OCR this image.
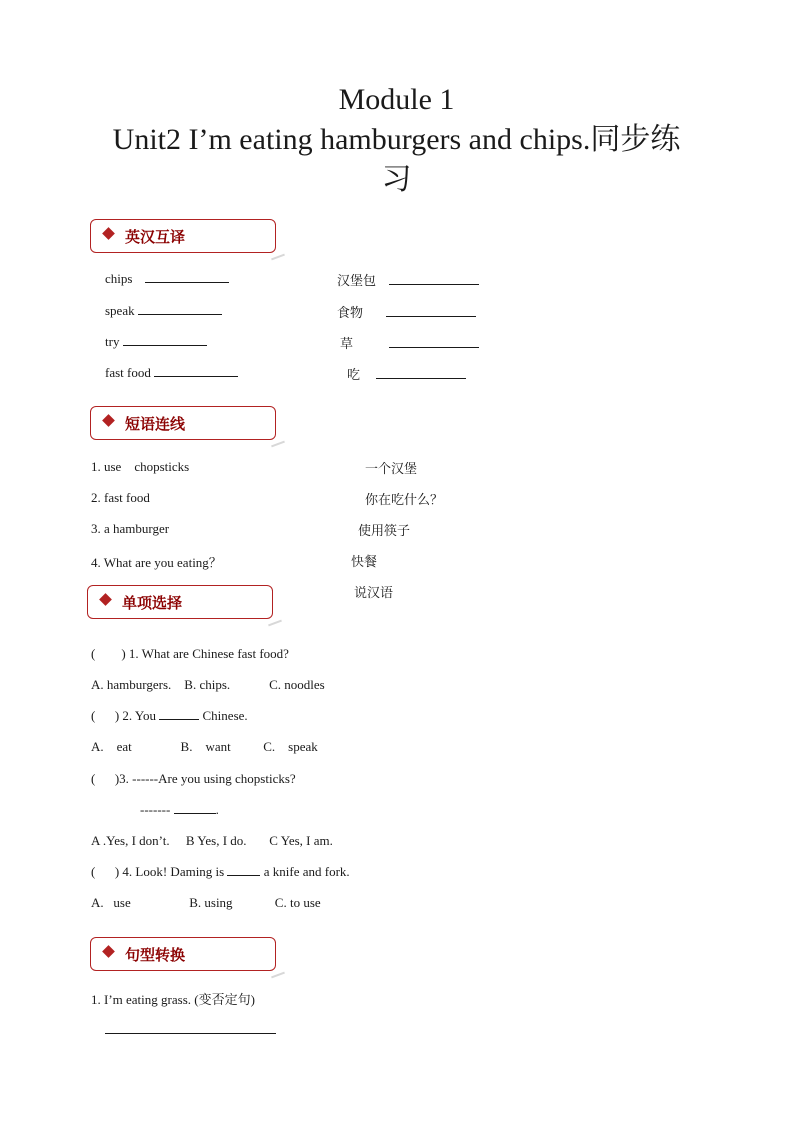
Module 1
Unit2 I’m eating hamburgers and chips.同步练
习
英汉互译
chips
speak
try
fast food
汉堡包
食物
草
吃
短语连线
1. use    chopsticks
2. fast food
3. a hamburger
4. What are you eating？
一个汉堡
你在吃什么？
使用筷子
快餐
说汉语
单项选择
(        ) 1. What are Chinese fast food?
A. hamburgers.    B. chips.            C. noodles
(      ) 2. You	Chinese.
A.    eat               B.    want          C.    speak
(      )3. ------Are you using chopsticks?
-------	.
A .Yes, I don’t.     B Yes, I do.       C Yes, I am.
(      ) 4. Look! Daming is	a knife and fork.
A.   use                  B. using             C. to use
句型转换
1. I’m eating grass. (变否定句)
